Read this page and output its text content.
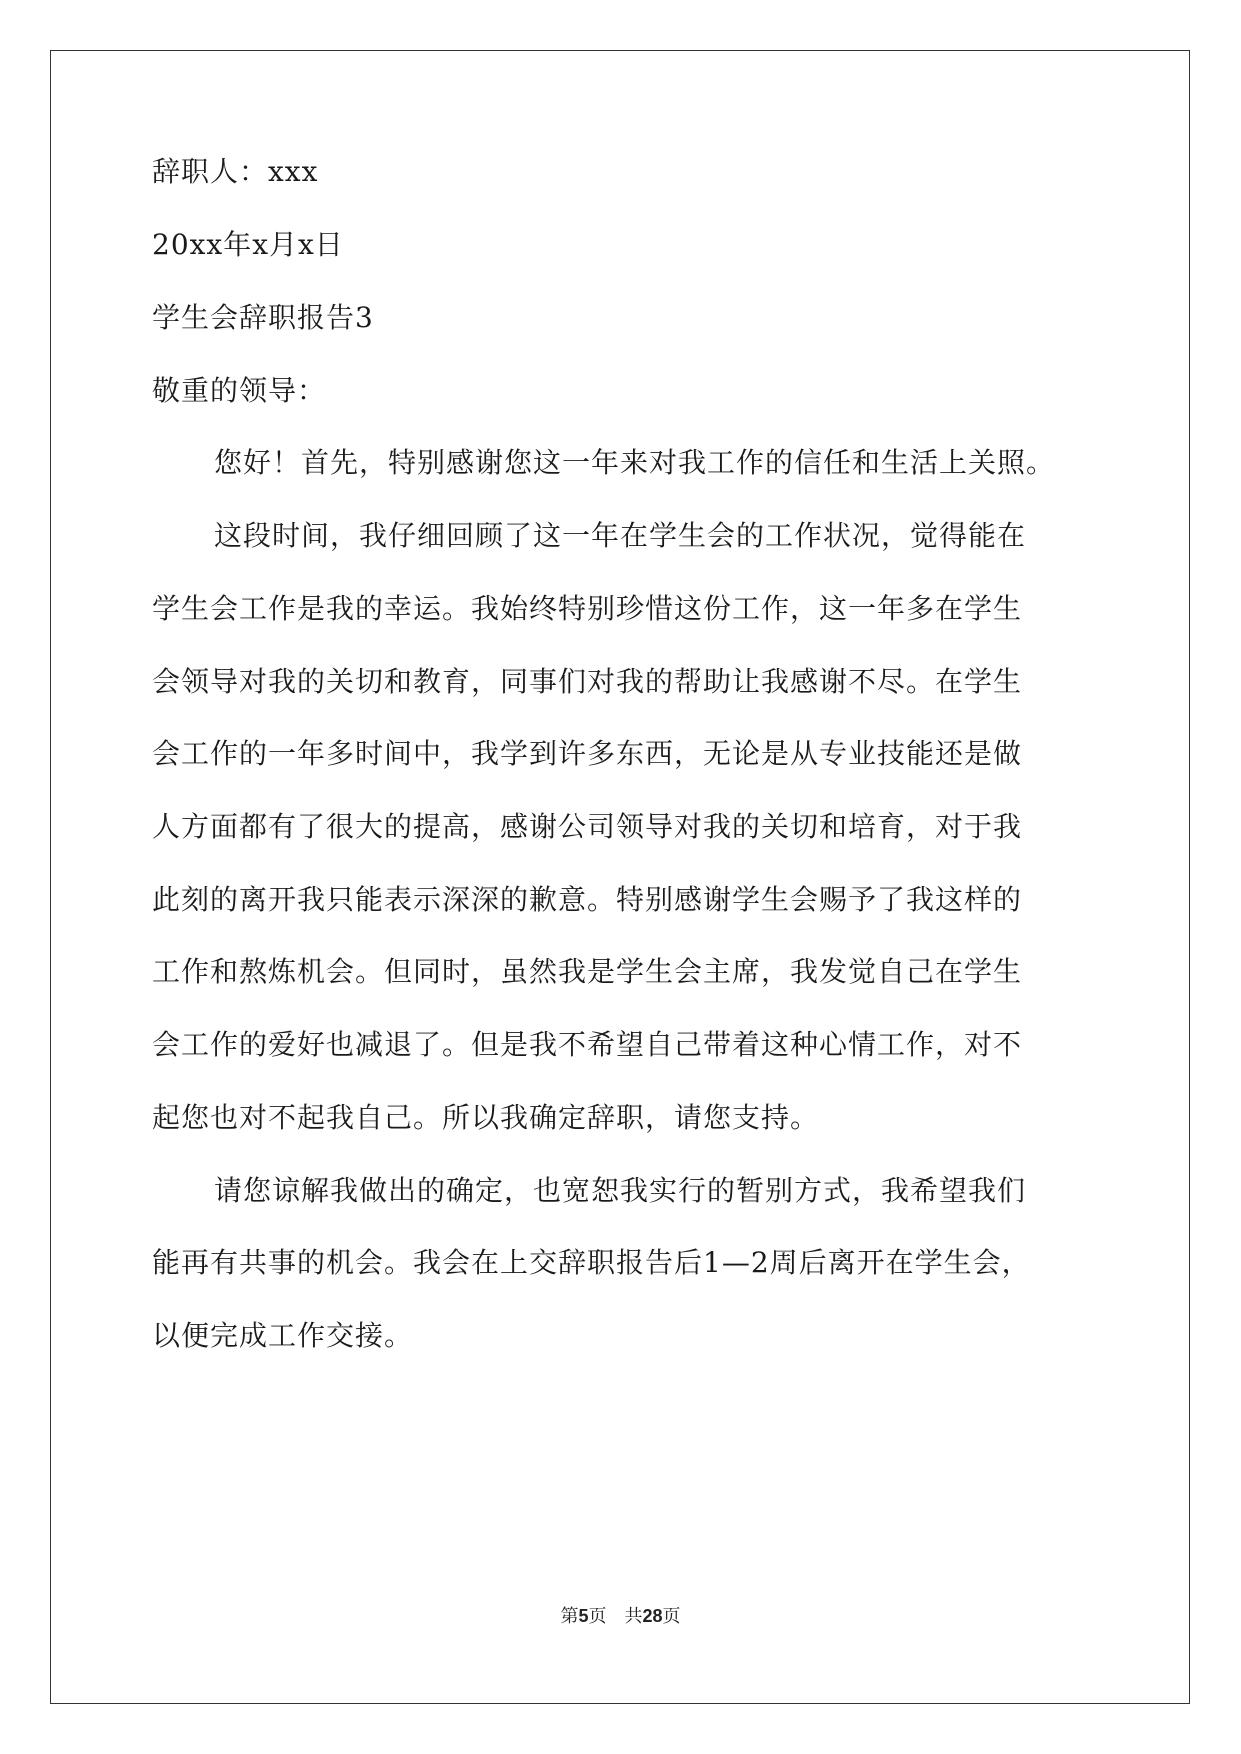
辞职人：xxx
20xx年x月x日
学生会辞职报告3
敬重的领导：
您好！首先，特别感谢您这一年来对我工作的信任和生活上关照。
这段时间，我仔细回顾了这一年在学生会的工作状况，觉得能在
学生会工作是我的幸运。我始终特别珍惜这份工作，这一年多在学生
会领导对我的关切和教育，同事们对我的帮助让我感谢不尽。在学生
会工作的一年多时间中，我学到许多东西，无论是从专业技能还是做
人方面都有了很大的提高，感谢公司领导对我的关切和培育，对于我
此刻的离开我只能表示深深的歉意。特别感谢学生会赐予了我这样的
工作和熬炼机会。但同时，虽然我是学生会主席，我发觉自己在学生
会工作的爱好也减退了。但是我不希望自己带着这种心情工作，对不
起您也对不起我自己。所以我确定辞职，请您支持。
请您谅解我做出的确定，也宽恕我实行的暂别方式，我希望我们
能再有共事的机会。我会在上交辞职报告后1—2周后离开在学生会，
以便完成工作交接。
第5页 共28页
